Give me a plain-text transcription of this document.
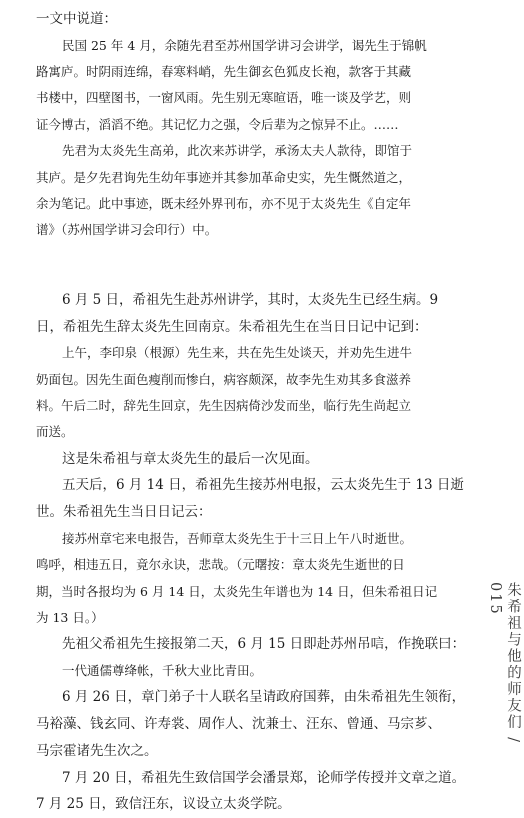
一文中说道：
民国 25 年 4 月，余随先君至苏州国学讲习会讲学，谒先生于锦帆
路寓庐。时阴雨连绵，春寒料峭，先生御玄色狐皮长袍，款客于其藏
书楼中，四壁图书，一窗风雨。先生别无寒暄语，唯一谈及学艺，则
证今博古，滔滔不绝。其记忆力之强，令后辈为之惊异不止。……
先君为太炎先生高弟，此次来苏讲学，承汤太夫人款待，即馆于
其庐。是夕先君询先生幼年事迹并其参加革命史实，先生慨然道之，
余为笔记。此中事迹，既未经外界刊布，亦不见于太炎先生《自定年
谱》（苏州国学讲习会印行）中。
6 月 5 日，希祖先生赴苏州讲学，其时，太炎先生已经生病。9
日，希祖先生辞太炎先生回南京。朱希祖先生在当日日记中记到：
上午，李印泉（根源）先生来，共在先生处谈天，并劝先生进牛
奶面包。因先生面色瘦削而惨白，病容颇深，故李先生劝其多食滋养
料。午后二时，辞先生回京，先生因病倚沙发而坐，临行先生尚起立
而送。
这是朱希祖与章太炎先生的最后一次见面。
五天后，6 月 14 日，希祖先生接苏州电报，云太炎先生于 13 日逝
世。朱希祖先生当日日记云：
接苏州章宅来电报告，吾师章太炎先生于十三日上午八时逝世。
鸣呼，相违五日，竟尔永诀，悲哉。（元曙按：章太炎先生逝世的日
期，当时各报均为 6 月 14 日，太炎先生年谱也为 14 日，但朱希祖日记
为 13 日。）
先祖父希祖先生接报第二天，6 月 15 日即赴苏州吊唁，作挽联曰：
一代通儒尊绛帐，千秋大业比青田。
6 月 26 日，章门弟子十人联名呈请政府国葬，由朱希祖先生领衔，
马裕藻、钱玄同、许寿裳、周作人、沈兼士、汪东、曾通、马宗芗、
马宗霍诸先生次之。
7 月 20 日，希祖先生致信国学会潘景郑，论师学传授并文章之道。
7 月 25 日，致信汪东，议设立太炎学院。
朱希祖与他的师友们 / 015
